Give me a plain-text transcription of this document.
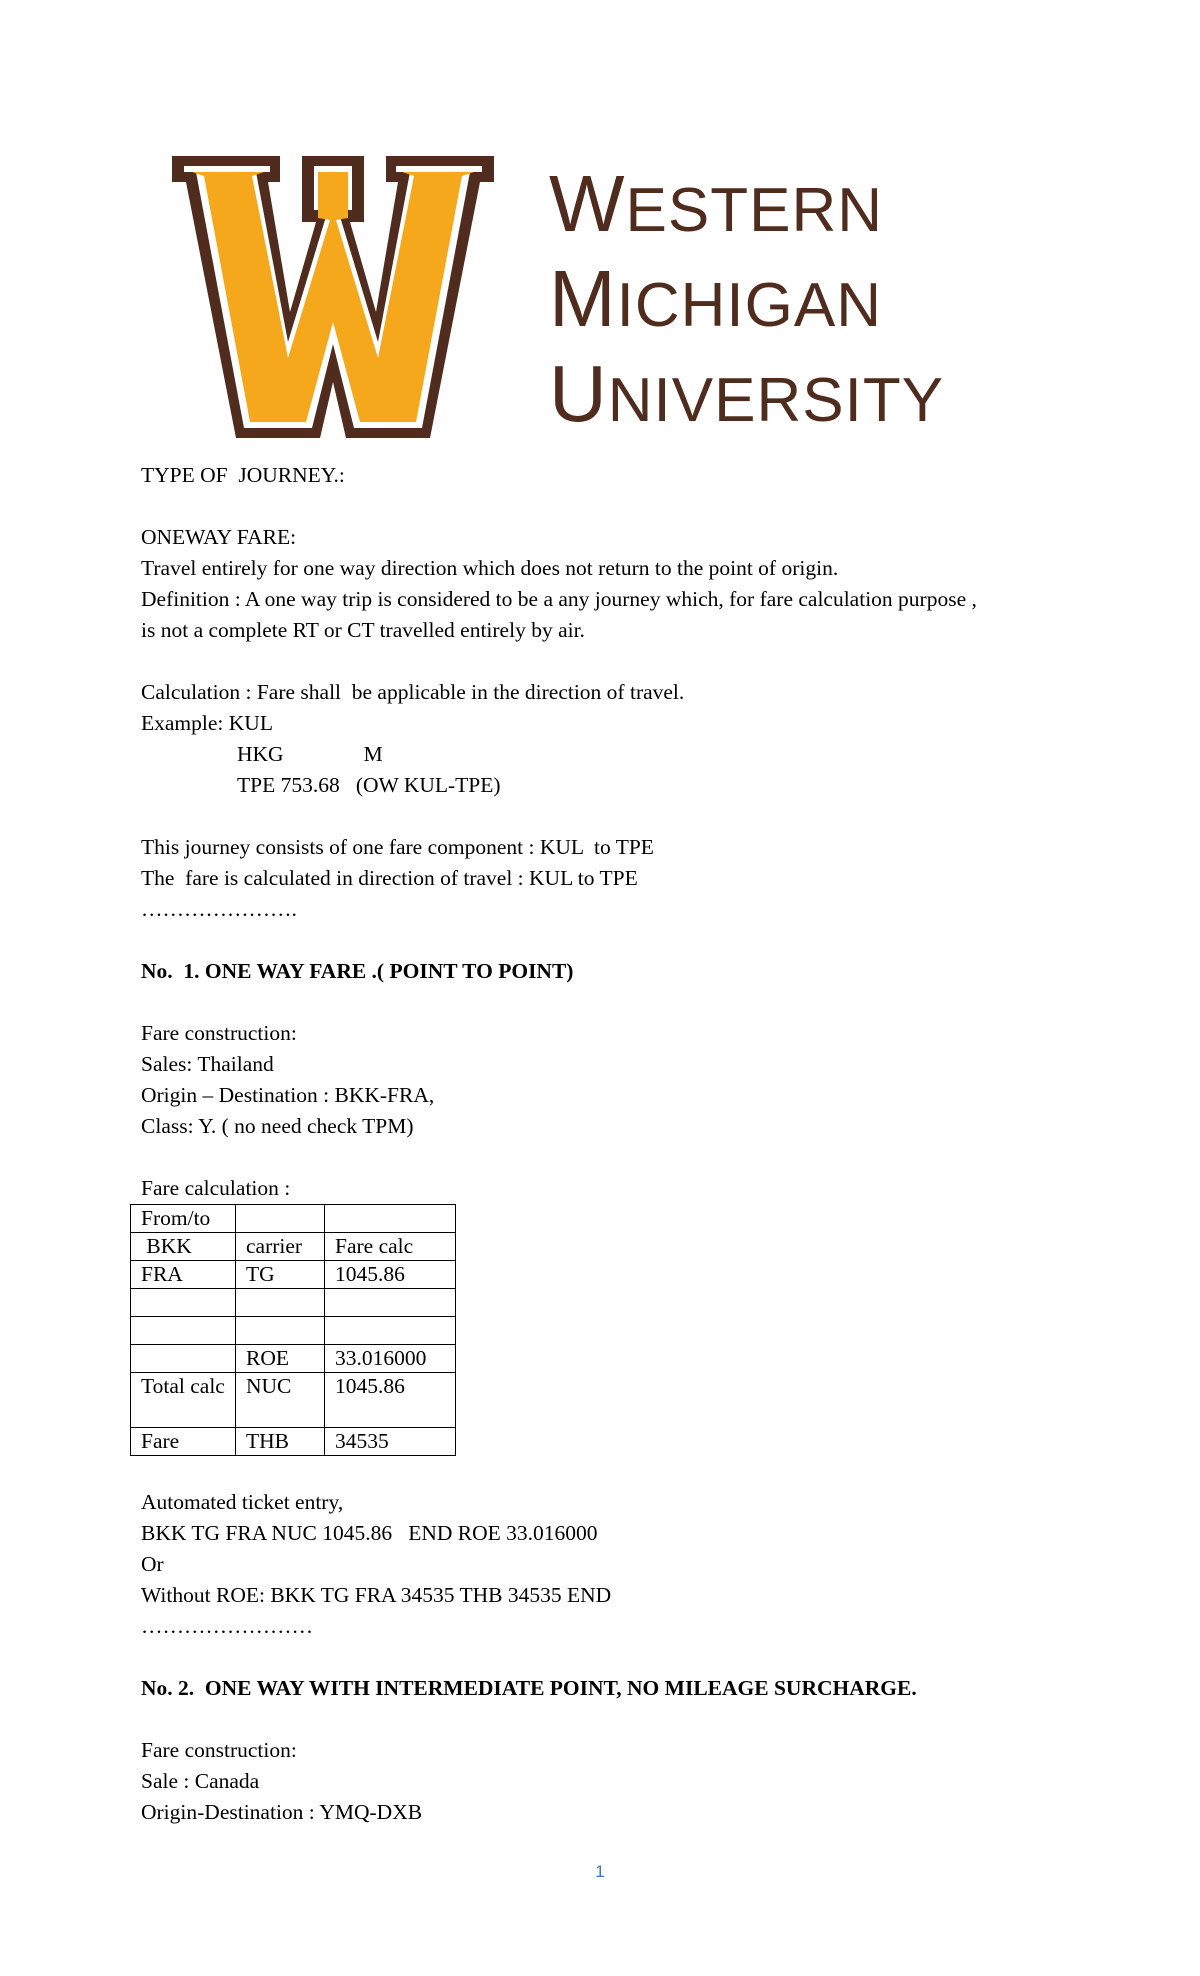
WESTERN
MICHIGAN
UNIVERSITY
TYPE OF  JOURNEY.:
ONEWAY FARE:
Travel entirely for one way direction which does not return to the point of origin.
Definition : A one way trip is considered to be a any journey which, for fare calculation purpose ,
is not a complete RT or CT travelled entirely by air.
Calculation : Fare shall  be applicable in the direction of travel.
Example: KUL
HKG	M
TPE 753.68   (OW KUL-TPE)
This journey consists of one fare component : KUL  to TPE
The  fare is calculated in direction of travel : KUL to TPE
………………….
No.  1. ONE WAY FARE .( POINT TO POINT)
Fare construction:
Sales: Thailand
Origin – Destination : BKK-FRA,
Class: Y. ( no need check TPM)
Fare calculation :
From/to		
BKK	carrier	Fare calc
FRA	TG	1045.86

	ROE	33.016000
Total calc	NUC	1045.86
Fare	THB	34535
Automated ticket entry,
BKK TG FRA NUC 1045.86   END ROE 33.016000
Or
Without ROE: BKK TG FRA 34535 THB 34535 END
……………………
No. 2.  ONE WAY WITH INTERMEDIATE POINT, NO MILEAGE SURCHARGE.
Fare construction:
Sale : Canada
Origin-Destination : YMQ-DXB
1
